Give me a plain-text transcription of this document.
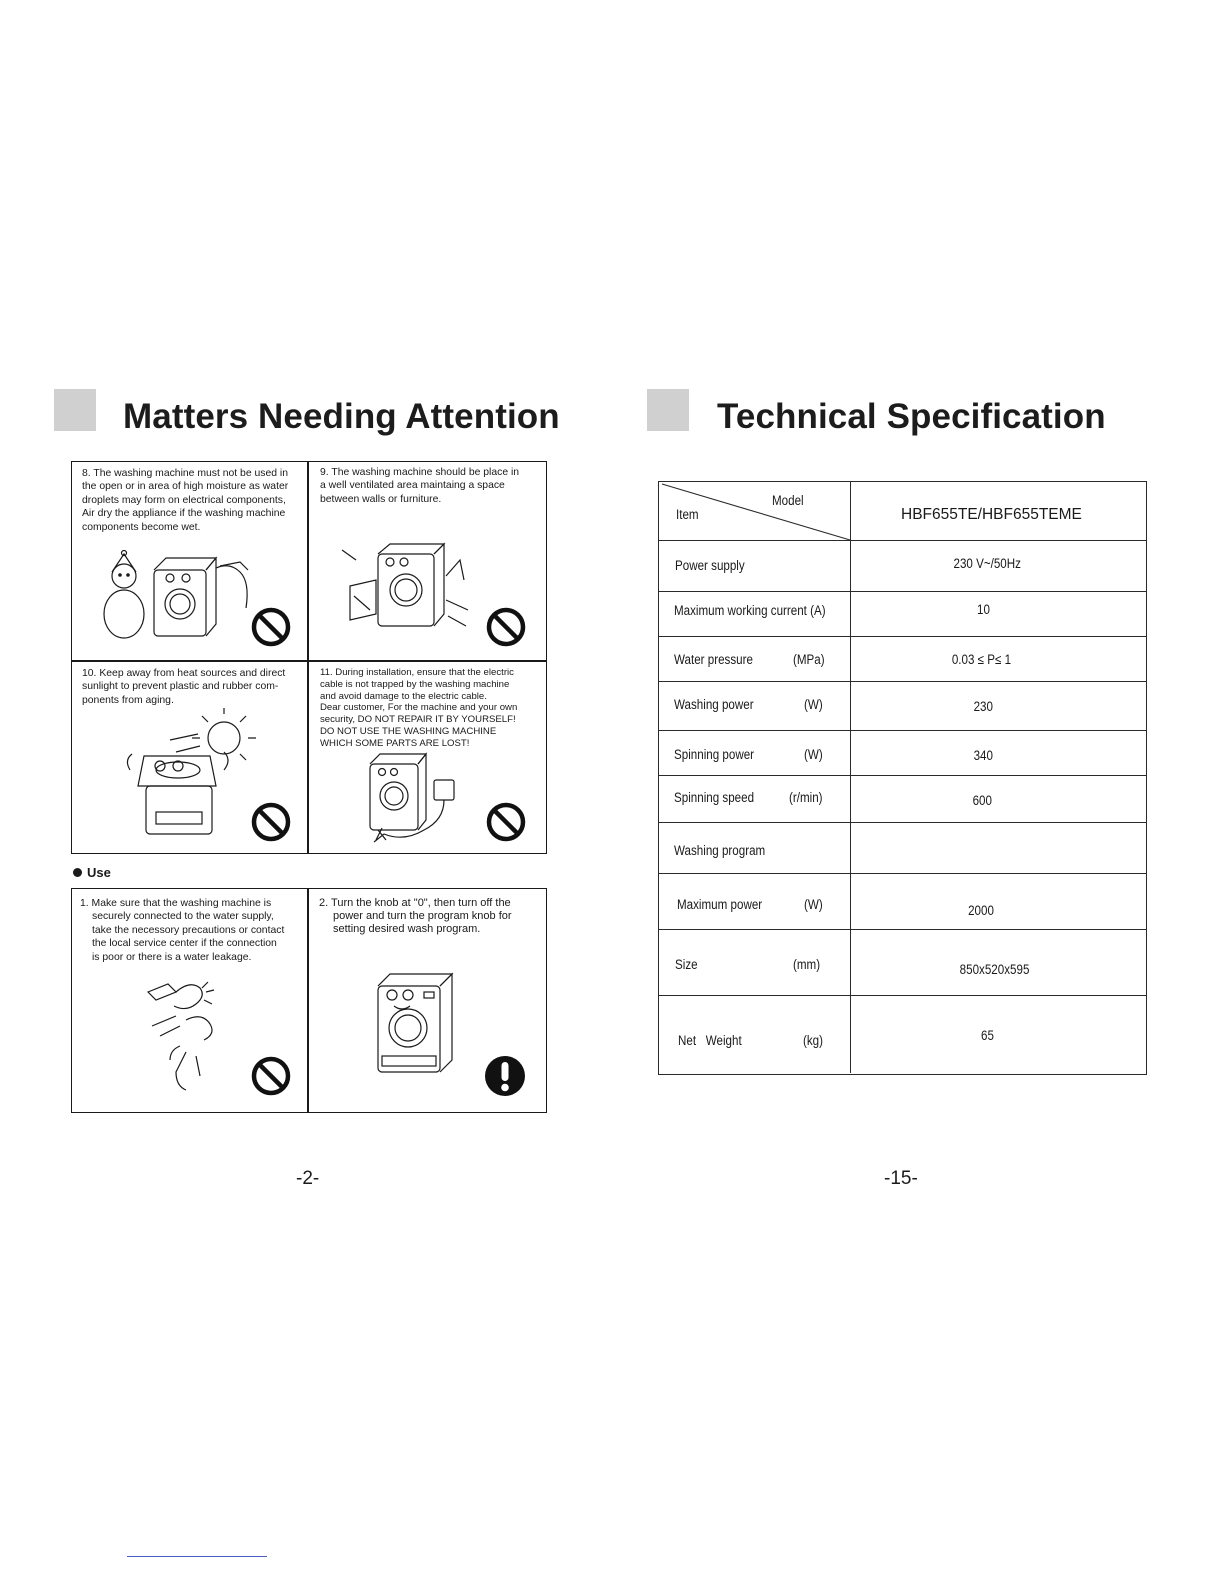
Matters Needing Attention

8. The washing machine must not be used in

the open or in area of high moisture as water

droplets may form on electrical components,

Air dry the appliance if the washing machine

components become wet.

9. The washing machine should be place in

a well ventilated area maintaing a space

between walls or furniture.

10. Keep away from heat sources and direct

sunlight to prevent plastic and rubber com-

ponents from aging.

11. During installation, ensure that the electric

cable is not trapped by the washing machine

and avoid damage to the electric cable.

Dear customer, For the machine and your own

security, DO NOT REPAIR IT BY YOURSELF!

DO NOT USE THE WASHING MACHINE

WHICH SOME PARTS ARE LOST!

Use

1. Make sure that the washing machine is

securely connected to the water supply,

take the necessory precautions or contact

the local service center if the connection

is poor or there is a water leakage.

2. Turn the knob at "0", then turn off the

power and turn the program knob for

setting desired wash program.

-2-
Technical Specification
Item
Model
HBF655TE/HBF655TEME
Power supply	230 V~/50Hz
Maximum working current (A)	10
Water pressure	(MPa)	0.03 ≤ P≤ 1
Washing power	(W)	230
Spinning power	(W)	340
Spinning speed	(r/min)	600
Washing program
Maximum power	(W)	2000
Size	(mm)	850x520x595
Net   Weight	(kg)	65
-15-
